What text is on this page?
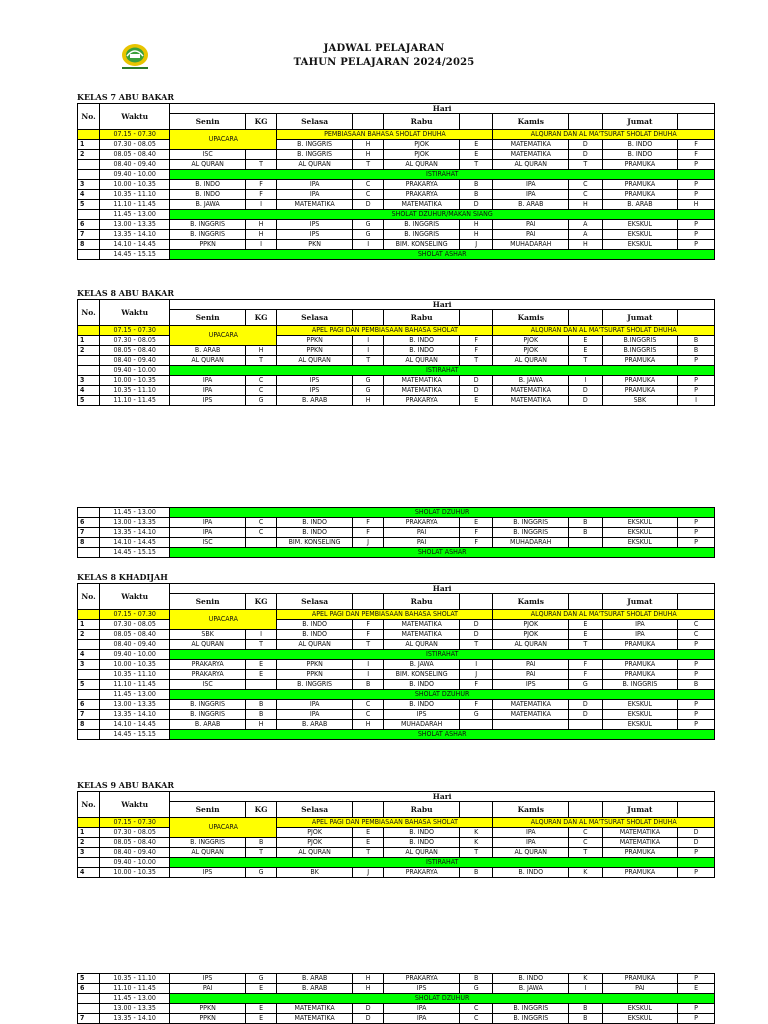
JADWAL PELAJARAN
TAHUN PELAJARAN 2024/2025
KELAS 7 ABU BAKAR
No.	Waktu	Hari									
		Senin	KG	Selasa		Rabu		Kamis		Jumat	
	07.15 - 07.30	UPACARA		PEMBIASAAN BAHASA SHOLAT DHUHA				ALQURAN DAN AL MA'TSURAT SHOLAT DHUHA			
1	07.30 - 08.05			B. INGGRIS	H	PJOK	E	MATEMATIKA	D	B. INDO	F
2	08.05 - 08.40	ISC		B. INGGRIS	H	PJOK	E	MATEMATIKA	D	B. INDO	F
	08.40 - 09.40	AL QURAN	T	AL QURAN	T	AL QURAN	T	AL QURAN	T	PRAMUKA	P
	09.40 - 10.00	ISTIRAHAT									
3	10.00 - 10.35	B. INDO	F	IPA	C	PRAKARYA	B	IPA	C	PRAMUKA	P
4	10.35 - 11.10	B. INDO	F	IPA	C	PRAKARYA	B	IPA	C	PRAMUKA	P
5	11.10 - 11.45	B. JAWA	I	MATEMATIKA	D	MATEMATIKA	D	B. ARAB	H	B. ARAB	H
	11.45 - 13.00	SHOLAT DZUHUR/MAKAN SIANG									
6	13.00 - 13.35	B. INGGRIS	H	IPS	G	B. INGGRIS	H	PAI	A	EKSKUL	P
7	13.35 - 14.10	B. INGGRIS	H	IPS	G	B. INGGRIS	H	PAI	A	EKSKUL	P
8	14.10 - 14.45	PPKN	I	PKN	I	BIM. KONSELING	J	MUHADARAH	H	EKSKUL	P
	14.45 - 15.15	SHOLAT ASHAR									
KELAS 8 ABU BAKAR
No.	Waktu	Hari									
		Senin	KG	Selasa		Rabu		Kamis		Jumat	
	07.15 - 07.30	UPACARA		APEL PAGI DAN PEMBIASAAN BAHASA SHOLAT				ALQURAN DAN AL MA'TSURAT SHOLAT DHUHA			
1	07.30 - 08.05			PPKN	I	B. INDO	F	PJOK	E	B.INGGRIS	B
2	08.05 - 08.40	B. ARAB	H	PPKN	I	B. INDO	F	PJOK	E	B.INGGRIS	B
	08.40 - 09.40	AL QURAN	T	AL QURAN	T	AL QURAN	T	AL QURAN	T	PRAMUKA	P
	09.40 - 10.00	ISTIRAHAT									
3	10.00 - 10.35	IPA	C	IPS	G	MATEMATIKA	D	B. JAWA	I	PRAMUKA	P
4	10.35 - 11.10	IPA	C	IPS	G	MATEMATIKA	D	MATEMATIKA	D	PRAMUKA	P
5	11.10 - 11.45	IPS	G	B. ARAB	H	PRAKARYA	E	MATEMATIKA	D	SBK	I
	11.45 - 13.00	SHOLAT DZUHUR									
6	13.00 - 13.35	IPA	C	B. INDO	F	PRAKARYA	E	B. INGGRIS	B	EKSKUL	P
7	13.35 - 14.10	IPA	C	B. INDO	F	PAI	F	B. INGGRIS	B	EKSKUL	P
8	14.10 - 14.45	ISC		BIM. KONSELING	J	PAI	F	MUHADARAH		EKSKUL	P
	14.45 - 15.15	SHOLAT ASHAR									
KELAS 8 KHADIJAH
No.	Waktu	Hari									
		Senin	KG	Selasa		Rabu		Kamis		Jumat	
	07.15 - 07.30	UPACARA		APEL PAGI DAN PEMBIASAAN BAHASA SHOLAT				ALQURAN DAN AL MA'TSURAT SHOLAT DHUHA			
1	07.30 - 08.05			B. INDO	F	MATEMATIKA	D	PJOK	E	IPA	C
2	08.05 - 08.40	SBK	I	B. INDO	F	MATEMATIKA	D	PJOK	E	IPA	C
	08.40 - 09.40	AL QURAN	T	AL QURAN	T	AL QURAN	T	AL QURAN	T	PRAMUKA	P
4	09.40 - 10.00	ISTIRAHAT									
3	10.00 - 10.35	PRAKARYA	E	PPKN	I	B. JAWA	I	PAI	F	PRAMUKA	P
	10.35 - 11.10	PRAKARYA	E	PPKN	I	BIM. KONSELING	J	PAI	F	PRAMUKA	P
5	11.10 - 11.45	ISC		B. INGGRIS	B	B. INDO	F	IPS	G	B. INGGRIS	B
	11.45 - 13.00	SHOLAT DZUHUR									
6	13.00 - 13.35	B. INGGRIS	B	IPA	C	B. INDO	F	MATEMATIKA	D	EKSKUL	P
7	13.35 - 14.10	B. INGGRIS	B	IPA	C	IPS	G	MATEMATIKA	D	EKSKUL	P
8	14.10 - 14.45	B. ARAB	H	B. ARAB	H	MUHADARAH				EKSKUL	P
	14.45 - 15.15	SHOLAT ASHAR									
KELAS 9 ABU BAKAR
No.	Waktu	Hari									
		Senin	KG	Selasa		Rabu		Kamis		Jumat	
	07.15 - 07.30	UPACARA		APEL PAGI DAN PEMBIASAAN BAHASA SHOLAT				ALQURAN DAN AL MA'TSURAT SHOLAT DHUHA			
1	07.30 - 08.05			PJOK	E	B. INDO	K	IPA	C	MATEMATIKA	D
2	08.05 - 08.40	B. INGGRIS	B	PJOK	E	B. INDO	K	IPA	C	MATEMATIKA	D
3	08.40 - 09.40	AL QURAN	T	AL QURAN	T	AL QURAN	T	AL QURAN	T	PRAMUKA	P
	09.40 - 10.00	ISTIRAHAT									
4	10.00 - 10.35	IPS	G	BK	J	PRAKARYA	B	B. INDO	K	PRAMUKA	P
5	10.35 - 11.10	IPS	G	B. ARAB	H	PRAKARYA	B	B. INDO	K	PRAMUKA	P
6	11.10 - 11.45	PAI	E	B. ARAB	H	IPS	G	B. JAWA	I	PAI	E
	11.45 - 13.00	SHOLAT DZUHUR									
	13.00 - 13.35	PPKN	E	MATEMATIKA	D	IPA	C	B. INGGRIS	B	EKSKUL	P
7	13.35 - 14.10	PPKN	E	MATEMATIKA	D	IPA	C	B. INGGRIS	B	EKSKUL	P
